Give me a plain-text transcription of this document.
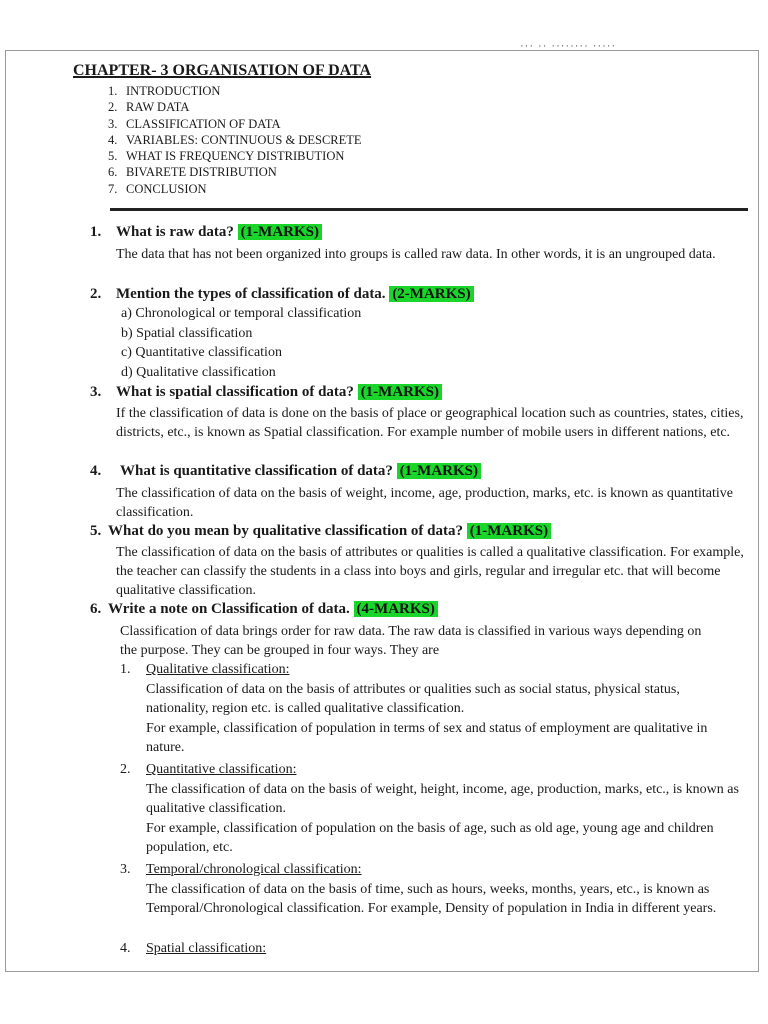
··· ·· ········ ·····
CHAPTER- 3 ORGANISATION OF DATA
1. INTRODUCTION
2. RAW DATA
3. CLASSIFICATION OF DATA
4. VARIABLES: CONTINUOUS & DESCRETE
5. WHAT IS FREQUENCY DISTRIBUTION
6. BIVARETE DISTRIBUTION
7. CONCLUSION
1. What is raw data? (1-MARKS)

The data that has not been organized into groups is called raw data. In other words, it is an ungrouped data.

2. Mention the types of classification of data. (2-MARKS)
a) Chronological or temporal classification
b) Spatial classification
c) Quantitative classification
d) Qualitative classification
3. What is spatial classification of data? (1-MARKS)

If the classification of data is done on the basis of place or geographical location such as countries, states, cities, districts, etc., is known as Spatial classification. For example number of mobile users in different nations, etc.

4. What is quantitative classification of data? (1-MARKS)

The classification of data on the basis of weight, income, age, production, marks, etc. is known as quantitative classification.

5. What do you mean by qualitative classification of data? (1-MARKS)

The classification of data on the basis of attributes or qualities is called a qualitative classification. For example, the teacher can classify the students in a class into boys and girls, regular and irregular etc. that will become qualitative classification.

6. Write a note on Classification of data. (4-MARKS)

Classification of data brings order for raw data. The raw data is classified in various ways depending on the purpose. They can be grouped in four ways. They are

1. Qualitative classification:

Classification of data on the basis of attributes or qualities such as social status, physical status, nationality, region etc. is called qualitative classification.

For example, classification of population in terms of sex and status of employment are qualitative in nature.

2. Quantitative classification:

The classification of data on the basis of weight, height, income, age, production, marks, etc., is known as qualitative classification.

For example, classification of population on the basis of age, such as old age, young age and children population, etc.

3. Temporal/chronological classification:

The classification of data on the basis of time, such as hours, weeks, months, years, etc., is known as Temporal/Chronological classification. For example, Density of population in India in different years.

4. Spatial classification:
